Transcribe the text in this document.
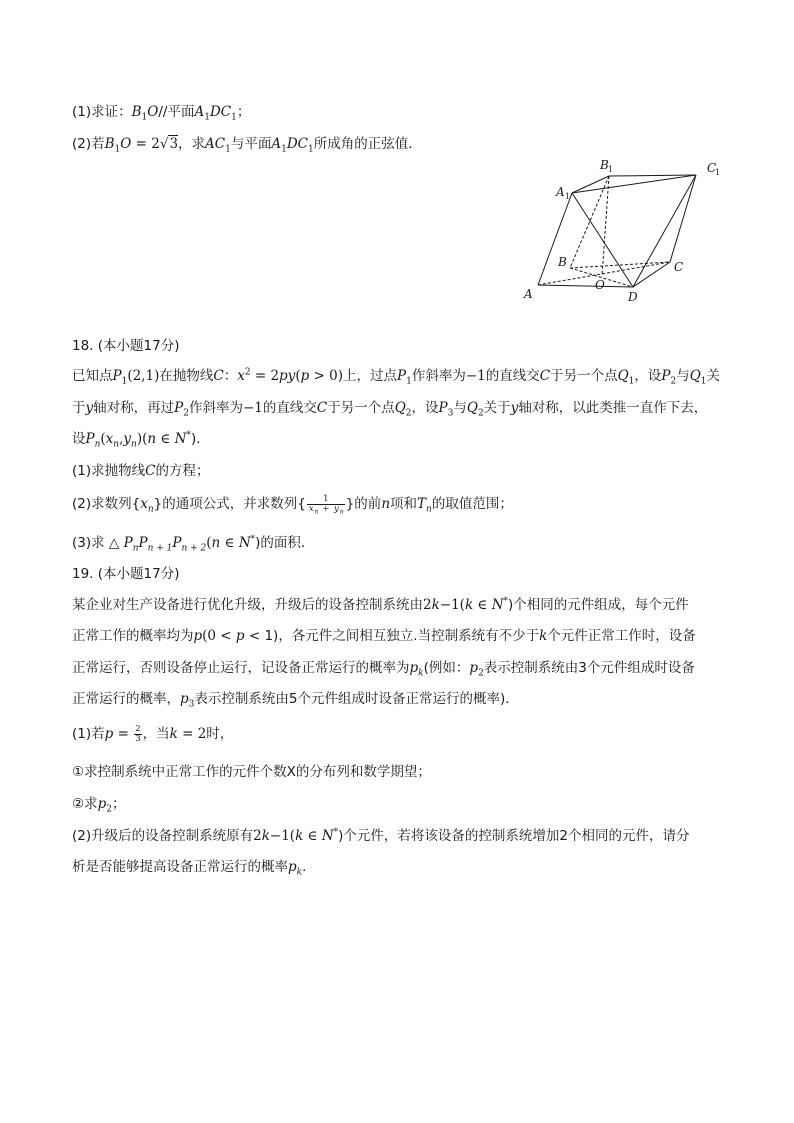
(1)求证：$B_1O//$平面$A_1DC_1$；
(2)若$B_1O = 2√3$，求$AC_1$与平面$A_1DC_1$所成角的正弦值．
A 1
B 1	C
1
B	C
A
O
D
18. (本小题17分)
已知点$P_1(2,1)$在抛物线C：$x^2 = 2py(p > 0)$上，过点$P_1$作斜率为−1的直线交C于另一个点$Q_1$，设$P_2$与$Q_1$关
于y轴对称，再过$P_2$作斜率为−1的直线交C于另一个点$Q_2$，设$P_3$与$Q_2$关于y轴对称，以此类推一直作下去，
设$P_n(x_n,y_n)(n$ ∈ N*)．
(1)求抛物线C的方程；
(2)求数列$\{x_n\}$的通项公式，并求数列{ $\frac{1}{x_n + y_n}$ }的前n项和$T_n$的取值范围；
(3)求 △ $P_nP_{n + 1}P_{n + 2}(n$ ∈ N*)的面积．
19. (本小题17分)
某企业对生产设备进行优化升级，升级后的设备控制系统由2k−1(k ∈ N*)个相同的元件组成，每个元件
正常工作的概率均为p(0 < p < 1)，各元件之间相互独立.当控制系统有不少于k个元件正常工作时，设备
正常运行，否则设备停止运行，记设备正常运行的概率为$p_k$(例如：$p_2$表示控制系统由3个元件组成时设备
正常运行的概率，$p_3$表示控制系统由5个元件组成时设备正常运行的概率)．
(1)若$p = \frac{2}{3}$ ，当k = 2时，
①求控制系统中正常工作的元件个数X的分布列和数学期望；
②求$p_2$；
(2)升级后的设备控制系统原有2k−1(k ∈ N*)个元件，若将该设备的控制系统增加2个相同的元件，请分
析是否能够提高设备正常运行的概率$p_k$．
